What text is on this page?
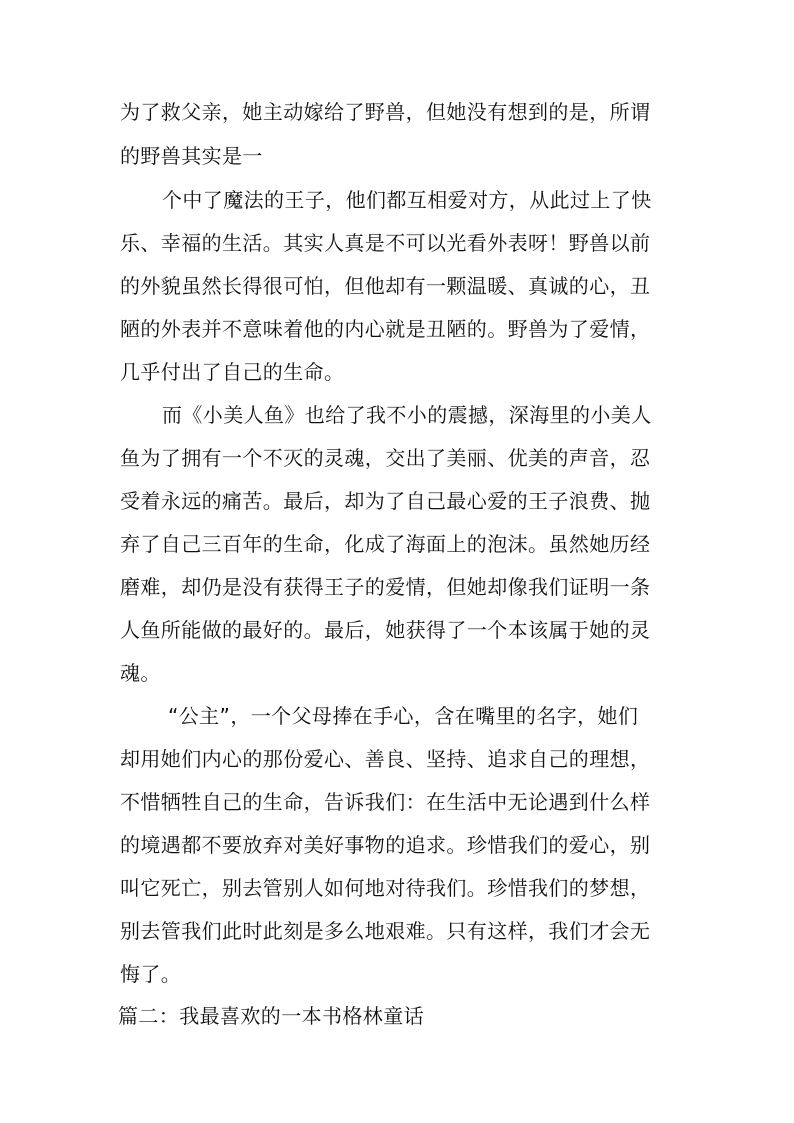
为了救父亲，她主动嫁给了野兽，但她没有想到的是，所谓
的野兽其实是一
个中了魔法的王子，他们都互相爱对方，从此过上了快
乐、幸福的生活。其实人真是不可以光看外表呀！野兽以前
的外貌虽然长得很可怕，但他却有一颗温暖、真诚的心，丑
陋的外表并不意味着他的内心就是丑陋的。野兽为了爱情，
几乎付出了自己的生命。
而《小美人鱼》也给了我不小的震撼，深海里的小美人
鱼为了拥有一个不灭的灵魂，交出了美丽、优美的声音，忍
受着永远的痛苦。最后，却为了自己最心爱的王子浪费、抛
弃了自己三百年的生命，化成了海面上的泡沫。虽然她历经
磨难，却仍是没有获得王子的爱情，但她却像我们证明一条
人鱼所能做的最好的。最后，她获得了一个本该属于她的灵
魂。
“公主”，一个父母捧在手心，含在嘴里的名字，她们
却用她们内心的那份爱心、善良、坚持、追求自己的理想，
不惜牺牲自己的生命，告诉我们：在生活中无论遇到什么样
的境遇都不要放弃对美好事物的追求。珍惜我们的爱心，别
叫它死亡，别去管别人如何地对待我们。珍惜我们的梦想，
别去管我们此时此刻是多么地艰难。只有这样，我们才会无
悔了。
篇二：我最喜欢的一本书格林童话
